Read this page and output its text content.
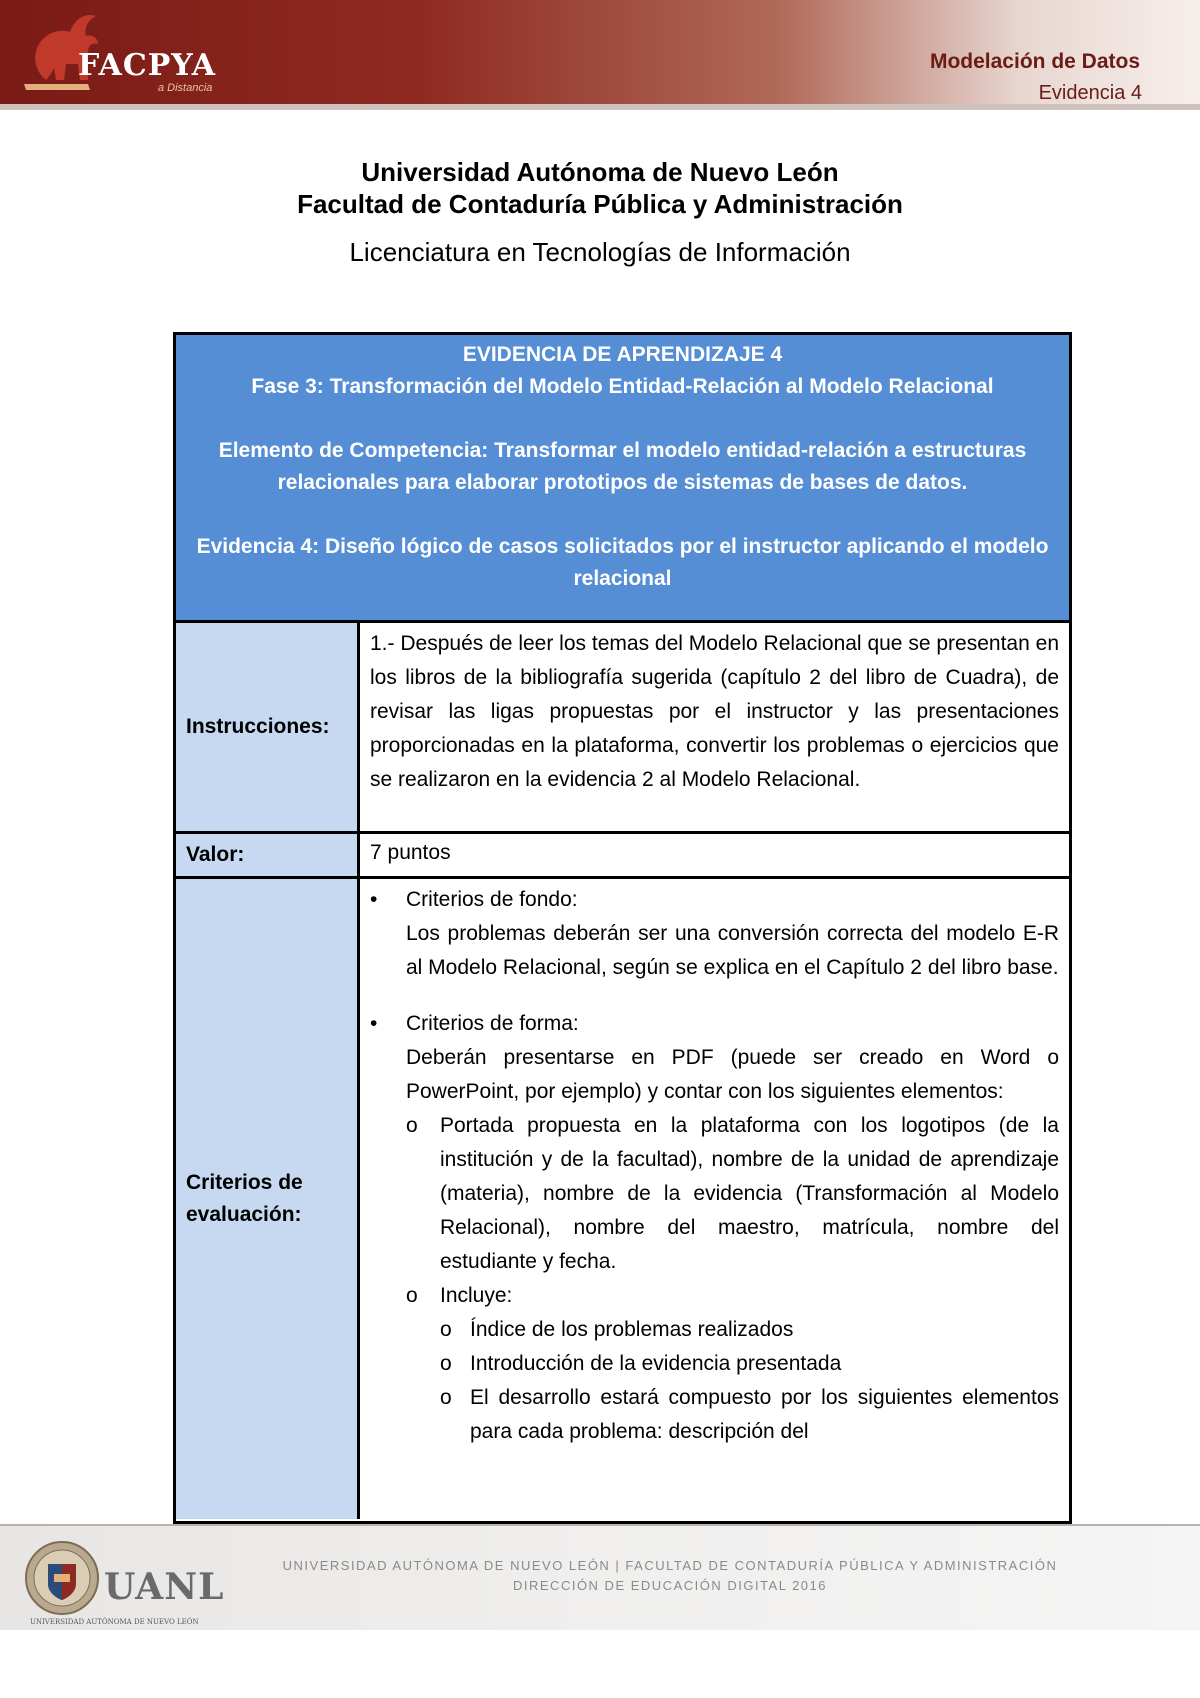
FACPYA
a Distancia
Modelación de Datos
Evidencia 4
Universidad Autónoma de Nuevo León
Facultad de Contaduría Pública y Administración
Licenciatura en Tecnologías de Información

EVIDENCIA DE APRENDIZAJE 4

Fase 3: Transformación del Modelo Entidad-Relación al Modelo Relacional

Elemento de Competencia: Transformar el modelo entidad-relación a estructuras relacionales para elaborar prototipos de sistemas de bases de datos.

Evidencia 4: Diseño lógico de casos solicitados por el instructor aplicando el modelo relacional

Instrucciones:
1.- Después de leer los temas del Modelo Relacional que se presentan en los libros de la bibliografía sugerida (capítulo 2 del libro de Cuadra), de revisar las ligas propuestas por el instructor y las presentaciones proporcionadas en la plataforma, convertir los problemas o ejercicios que se realizaron en la evidencia 2 al Modelo Relacional.
Valor:	7 puntos
Criterios de evaluación:
•	Criterios de fondo:
Los problemas deberán ser una conversión correcta del modelo E-R al Modelo Relacional, según se explica en el Capítulo 2 del libro base.
•	Criterios de forma:
Deberán presentarse en PDF (puede ser creado en Word o PowerPoint, por ejemplo) y contar con los siguientes elementos:
o	Portada propuesta en la plataforma con los logotipos (de la institución y de la facultad), nombre de la unidad de aprendizaje (materia), nombre de la evidencia (Transformación al Modelo Relacional), nombre del maestro, matrícula, nombre del estudiante y fecha.
o	Incluye:
o Índice de los problemas realizados
o Introducción de la evidencia presentada
o El desarrollo estará compuesto por los siguientes elementos para cada problema: descripción del
UANL
UNIVERSIDAD AUTÓNOMA DE NUEVO LEÓN
UNIVERSIDAD AUTÓNOMA DE NUEVO LEÓN | FACULTAD DE CONTADURÍA PÚBLICA Y ADMINISTRACIÓN
DIRECCIÓN DE EDUCACIÓN DIGITAL 2016
